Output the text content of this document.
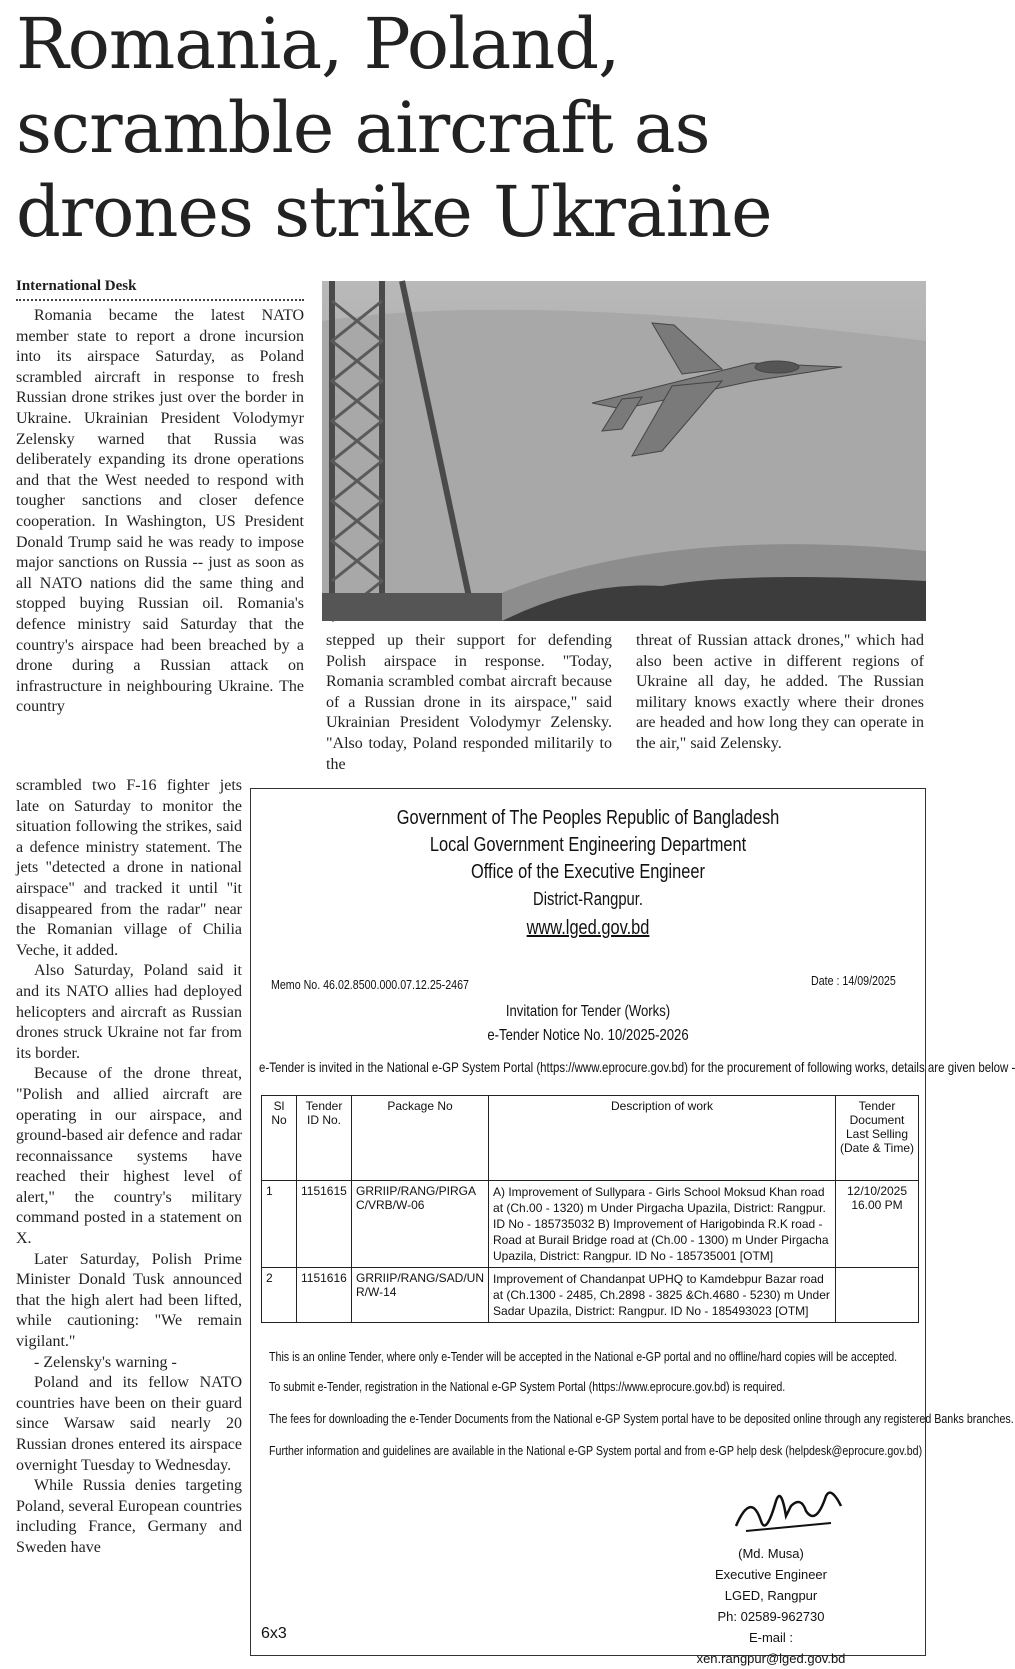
Romania, Poland,
scramble aircraft as
drones strike Ukraine
International Desk

Romania became the latest NATO member state to report a drone incursion into its airspace Saturday, as Poland scrambled aircraft in response to fresh Russian drone strikes just over the border in Ukraine. Ukrainian President Volodymyr Zelensky warned that Russia was deliberately expanding its drone operations and that the West needed to respond with tougher sanctions and closer defence cooperation. In Washington, US President Donald Trump said he was ready to impose major sanctions on Russia -- just as soon as all NATO nations did the same thing and stopped buying Russian oil. Romania's defence ministry said Saturday that the country's airspace had been breached by a drone during a Russian attack on infrastructure in neighbouring Ukraine. The country

scrambled two F-16 fighter jets late on Saturday to monitor the situation following the strikes, said a defence ministry statement. The jets "detected a drone in national airspace" and tracked it until "it disappeared from the radar" near the Romanian village of Chilia Veche, it added.

Also Saturday, Poland said it and its NATO allies had deployed helicopters and aircraft as Russian drones struck Ukraine not far from its border.

Because of the drone threat, "Polish and allied aircraft are operating in our airspace, and ground-based air defence and radar reconnaissance systems have reached their highest level of alert," the country's military command posted in a statement on X.

Later Saturday, Polish Prime Minister Donald Tusk announced that the high alert had been lifted, while cautioning: "We remain vigilant."

- Zelensky's warning -

Poland and its fellow NATO countries have been on their guard since Warsaw said nearly 20 Russian drones entered its airspace overnight Tuesday to Wednesday.

While Russia denies targeting Poland, several European countries including France, Germany and Sweden have

stepped up their support for defending Polish airspace in response. "Today, Romania scrambled combat aircraft because of a Russian drone in its airspace," said Ukrainian President Volodymyr Zelensky. "Also today, Poland responded militarily to the

threat of Russian attack drones," which had also been active in different regions of Ukraine all day, he added. The Russian military knows exactly where their drones are headed and how long they can operate in the air," said Zelensky.

Government of The Peoples Republic of Bangladesh
Local Government Engineering Department
Office of the Executive Engineer
District-Rangpur.
www.lged.gov.bd
Memo No. 46.02.8500.000.07.12.25-2467	Date : 14/09/2025
Invitation for Tender (Works)
e-Tender Notice No. 10/2025-2026
e-Tender is invited in the National e-GP System Portal (https://www.eprocure.gov.bd) for the procurement of following works, details are given below -
Sl No	Tender ID No.	Package No	Description of work	Tender Document Last Selling (Date & Time)
1	1151615	GRRIIP/RANG/PIRGA C/VRB/W-06	A) Improvement of Sullypara - Girls School Moksud Khan road at (Ch.00 - 1320) m Under Pirgacha Upazila, District: Rangpur. ID No - 185735032 B) Improvement of Harigobinda R.K road - Road at Burail Bridge road at (Ch.00 - 1300) m Under Pirgacha Upazila, District: Rangpur. ID No - 185735001 [OTM]	12/10/2025 16.00 PM
2	1151616	GRRIIP/RANG/SAD/UN R/W-14	Improvement of Chandanpat UPHQ to Kamdebpur Bazar road at (Ch.1300 - 2485, Ch.2898 - 3825 &Ch.4680 - 5230) m Under Sadar Upazila, District: Rangpur. ID No - 185493023 [OTM]	
This is an online Tender, where only e-Tender will be accepted in the National e-GP portal and no offline/hard copies will be accepted.
To submit e-Tender, registration in the National e-GP System Portal (https://www.eprocure.gov.bd) is required.
The fees for downloading the e-Tender Documents from the National e-GP System portal have to be deposited online through any registered Banks branches.
Further information and guidelines are available in the National e-GP System portal and from e-GP help desk (helpdesk@eprocure.gov.bd)
(Md. Musa)
Executive Engineer
LGED, Rangpur
Ph: 02589-962730
E-mail : xen.rangpur@lged.gov.bd
6x3
